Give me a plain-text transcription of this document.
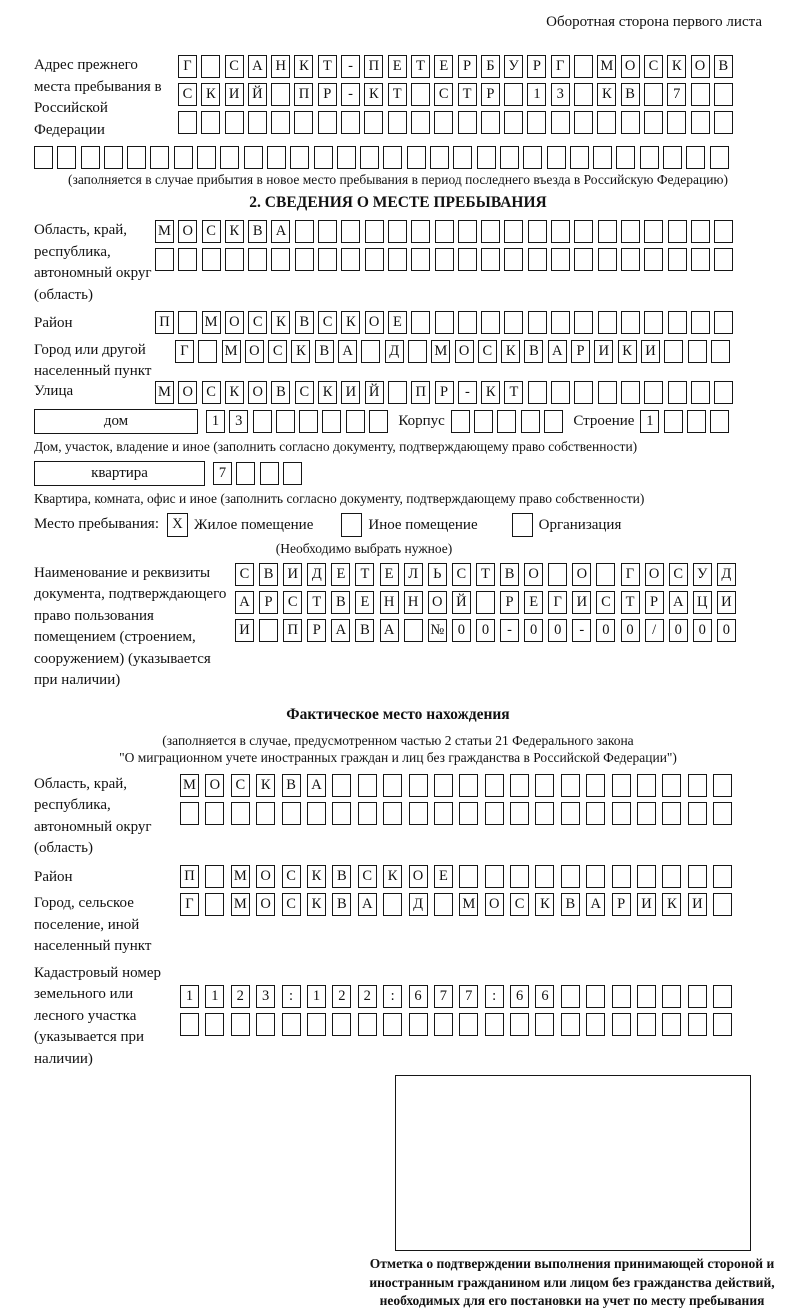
Оборотная сторона первого листа
Адрес прежнего места пребывания в Российской Федерации
Г	С А Н К Т	-	П Е Т Е	Р	Б У Р	Г	М О С К О В
С К И Й П Р	-	К Т	С Т	Р	1	3	К В	7
(заполняется в случае прибытия в новое место пребывания в период последнего въезда в Российскую Федерацию)
2. СВЕДЕНИЯ О МЕСТЕ ПРЕБЫВАНИЯ
Область, край, республика, автономный округ (область)
М О С К В А
Район	П М О С К В С К О Е
Город или другой населенный пункт
Г	М О С К В А	Д	М О С К В А Р И К И
Улица	М О С К О В С К И Й П Р	-	К Т
дом	1	3	Корпус	Строение 1
Дом, участок, владение и иное (заполнить согласно документу, подтверждающему право собственности)
квартира	7
Квартира, комната, офис и иное (заполнить согласно документу, подтверждающему право собственности)
Место пребывания: X Жилое помещение	Иное помещение	Организация
(Необходимо выбрать нужное)
Наименование и реквизиты документа, подтверждающего право пользования помещением (строением, сооружением) (указывается при наличии)
С В И Д	Е	Т	Е	Л	Ь	С	Т	В О	О	Г	О С У Д
А	Р	С	Т	В	Е Н Н О Й	Р	Е	Г	И С	Т	Р	А Ц И
И	П	Р	А В А № 0	0	-	0	0	-	0	0	/	0	0	0
Фактическое место нахождения
(заполняется в случае, предусмотренном частью 2 статьи 21 Федерального закона
"О миграционном учете иностранных граждан и лиц без гражданства в Российской Федерации")
Область, край, республика, автономный округ (область)
М О	С	К	В	А
Район	П	М О	С	К	В	С	К	О	Е
Город, сельское поселение, иной населенный пункт
Г	М О	С	К	В	А	Д	М О	С	К	В	А	Р	И	К	И
Кадастровый номер земельного или лесного участка (указывается при наличии)
1	1	2	3	:	1	2	2	:	6	7	7	:	6	6
Отметка о подтверждении выполнения принимающей стороной и иностранным гражданином или лицом без гражданства действий, необходимых для его постановки на учет по месту пребывания
